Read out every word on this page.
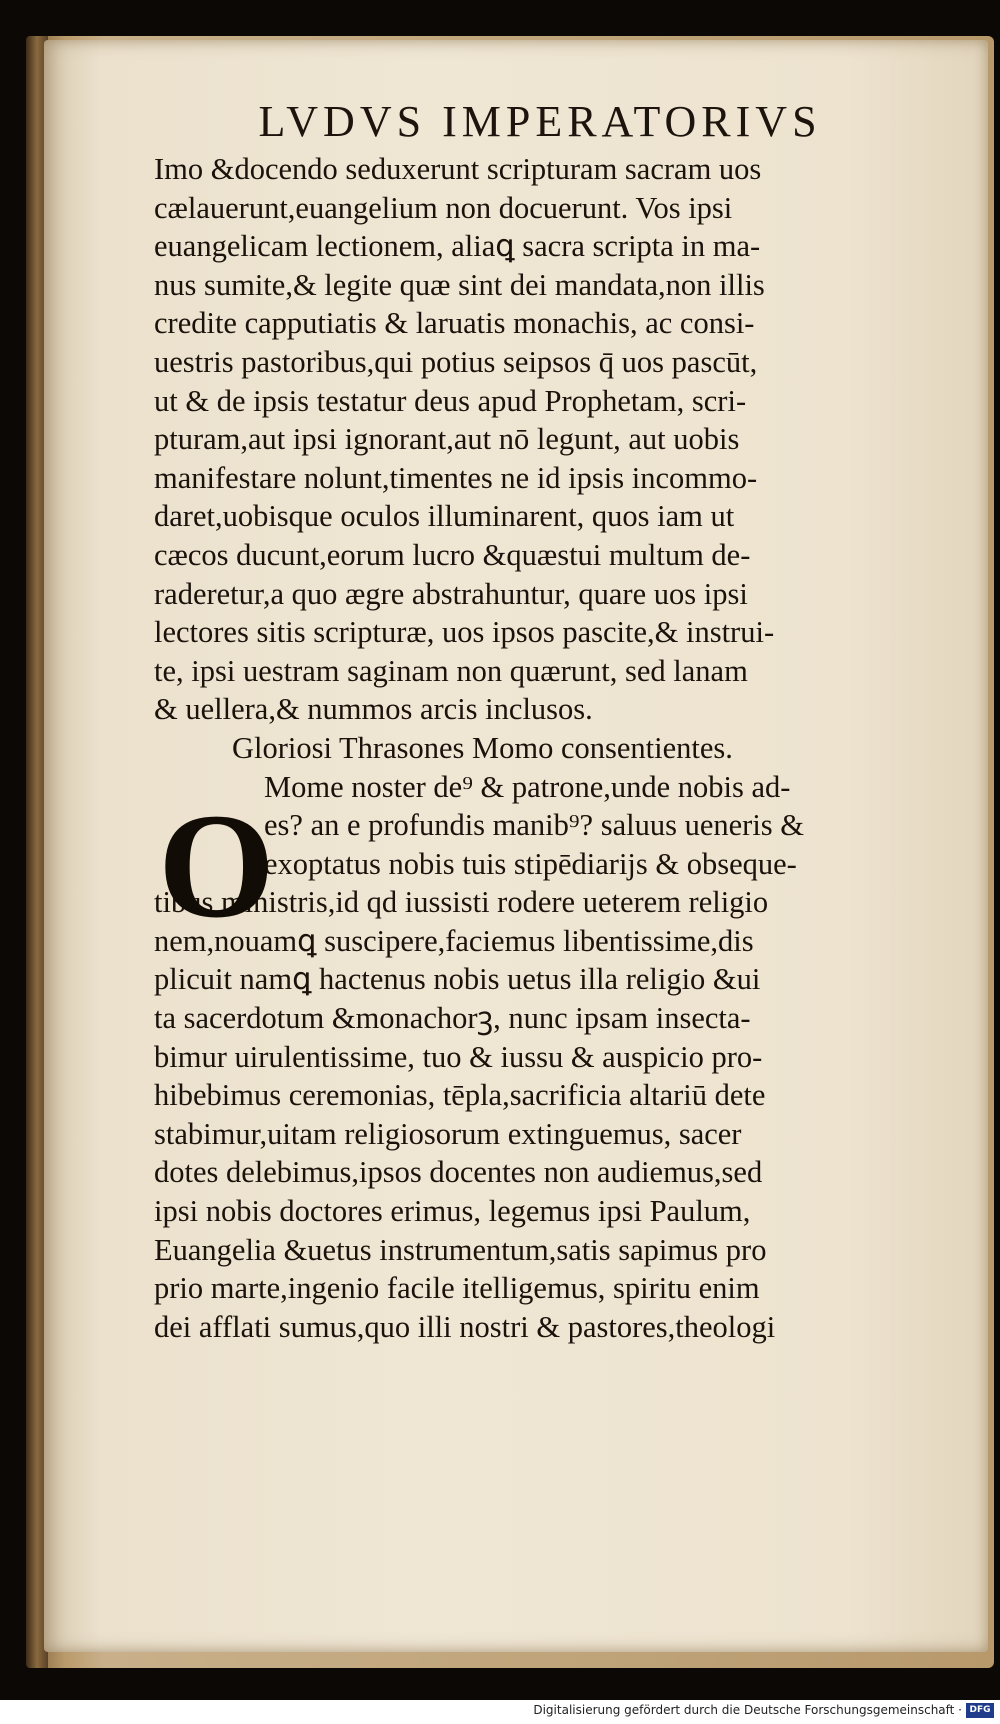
LVDVS IMPERATORIVS
Imo &docendo seduxerunt scripturam sacram uos
cælauerunt,euangelium non docuerunt. Vos ipsi
euangelicam lectionem, aliaꝗ sacra scripta in ma-
nus sumite,& legite quæ sint dei mandata,non illis
credite capputiatis & laruatis monachis, ac consi-
uestris pastoribus,qui potius seipsos q̄ uos pascūt,
ut & de ipsis testatur deus apud Prophetam, scri-
pturam,aut ipsi ignorant,aut nō legunt, aut uobis
manifestare nolunt,timentes ne id ipsis incommo-
daret,uobisque oculos illuminarent, quos iam ut
cæcos ducunt,eorum lucro &quæstui multum de-
raderetur,a quo ægre abstrahuntur, quare uos ipsi
lectores sitis scripturæ, uos ipsos pascite,& instrui-
te, ipsi uestram saginam non quærunt, sed lanam
& uellera,& nummos arcis inclusos.
Gloriosi Thrasones Momo consentientes.
Mome noster de⁹ & patrone,unde nobis ad-
es? an e profundis manib⁹? saluus ueneris &
exoptatus nobis tuis stipēdiarijs & obseque-
tibus ministris,id qd iussisti rodere ueterem religio
nem,nouamꝗ suscipere,faciemus libentissime,dis
plicuit namꝗ hactenus nobis uetus illa religio &ui
ta sacerdotum &monachorꝫ, nunc ipsam insecta-
bimur uirulentissime, tuo & iussu & auspicio pro-
hibebimus ceremonias, tēpla,sacrificia altariū dete
stabimur,uitam religiosorum extinguemus, sacer
dotes delebimus,ipsos docentes non audiemus,sed
ipsi nobis doctores erimus, legemus ipsi Paulum,
Euangelia &uetus instrumentum,satis sapimus pro
prio marte,ingenio facile itelligemus, spiritu enim
dei afflati sumus,quo illi nostri & pastores,theologi
O
Digitalisierung gefördert durch die Deutsche Forschungsgemeinschaft · DFG
